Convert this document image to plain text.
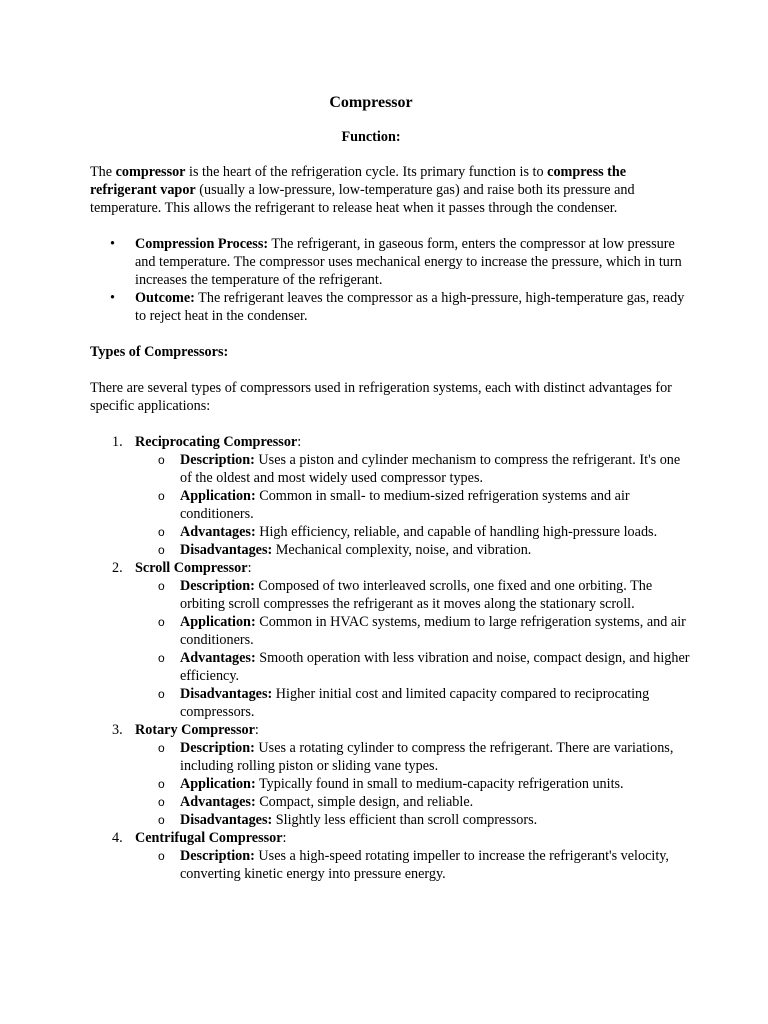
Compressor
Function:

The compressor is the heart of the refrigeration cycle. Its primary function is to compress the refrigerant vapor (usually a low-pressure, low-temperature gas) and raise both its pressure and temperature. This allows the refrigerant to release heat when it passes through the condenser.

• Compression Process: The refrigerant, in gaseous form, enters the compressor at low pressure and temperature. The compressor uses mechanical energy to increase the pressure, which in turn increases the temperature of the refrigerant.
• Outcome: The refrigerant leaves the compressor as a high-pressure, high-temperature gas, ready to reject heat in the condenser.
Types of Compressors:

There are several types of compressors used in refrigeration systems, each with distinct advantages for specific applications:

1. Reciprocating Compressor:
o Description: Uses a piston and cylinder mechanism to compress the refrigerant. It's one of the oldest and most widely used compressor types.
o Application: Common in small- to medium-sized refrigeration systems and air conditioners.
o Advantages: High efficiency, reliable, and capable of handling high-pressure loads.
o Disadvantages: Mechanical complexity, noise, and vibration.
2. Scroll Compressor:
o Description: Composed of two interleaved scrolls, one fixed and one orbiting. The orbiting scroll compresses the refrigerant as it moves along the stationary scroll.
o Application: Common in HVAC systems, medium to large refrigeration systems, and air conditioners.
o Advantages: Smooth operation with less vibration and noise, compact design, and higher efficiency.
o Disadvantages: Higher initial cost and limited capacity compared to reciprocating compressors.
3. Rotary Compressor:
o Description: Uses a rotating cylinder to compress the refrigerant. There are variations, including rolling piston or sliding vane types.
o Application: Typically found in small to medium-capacity refrigeration units.
o Advantages: Compact, simple design, and reliable.
o Disadvantages: Slightly less efficient than scroll compressors.
4. Centrifugal Compressor:
o Description: Uses a high-speed rotating impeller to increase the refrigerant's velocity, converting kinetic energy into pressure energy.
